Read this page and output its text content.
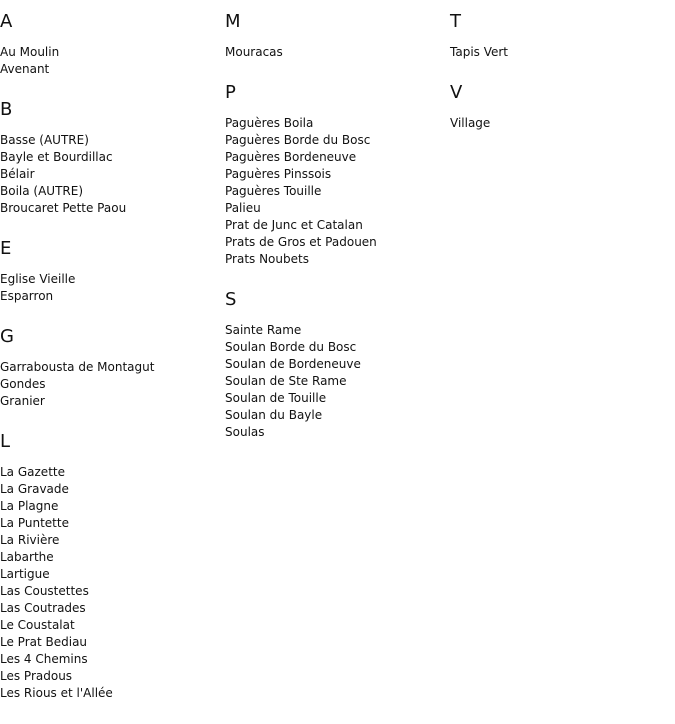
A
Au Moulin
Avenant
B
Basse (AUTRE)
Bayle et Bourdillac
Bélair
Boila (AUTRE)
Broucaret Pette Paou
E
Eglise Vieille
Esparron
G
Garrabousta de Montagut
Gondes
Granier
L
La Gazette
La Gravade
La Plagne
La Puntette
La Rivière
Labarthe
Lartigue
Las Coustettes
Las Coutrades
Le Coustalat
Le Prat Bediau
Les 4 Chemins
Les Pradous
Les Rious et l'Allée
M
Mouracas
P
Paguères Boila
Paguères Borde du Bosc
Paguères Bordeneuve
Paguères Pinssois
Paguères Touille
Palieu
Prat de Junc et Catalan
Prats de Gros et Padouen
Prats Noubets
S
Sainte Rame
Soulan Borde du Bosc
Soulan de Bordeneuve
Soulan de Ste Rame
Soulan de Touille
Soulan du Bayle
Soulas
T
Tapis Vert
V
Village
